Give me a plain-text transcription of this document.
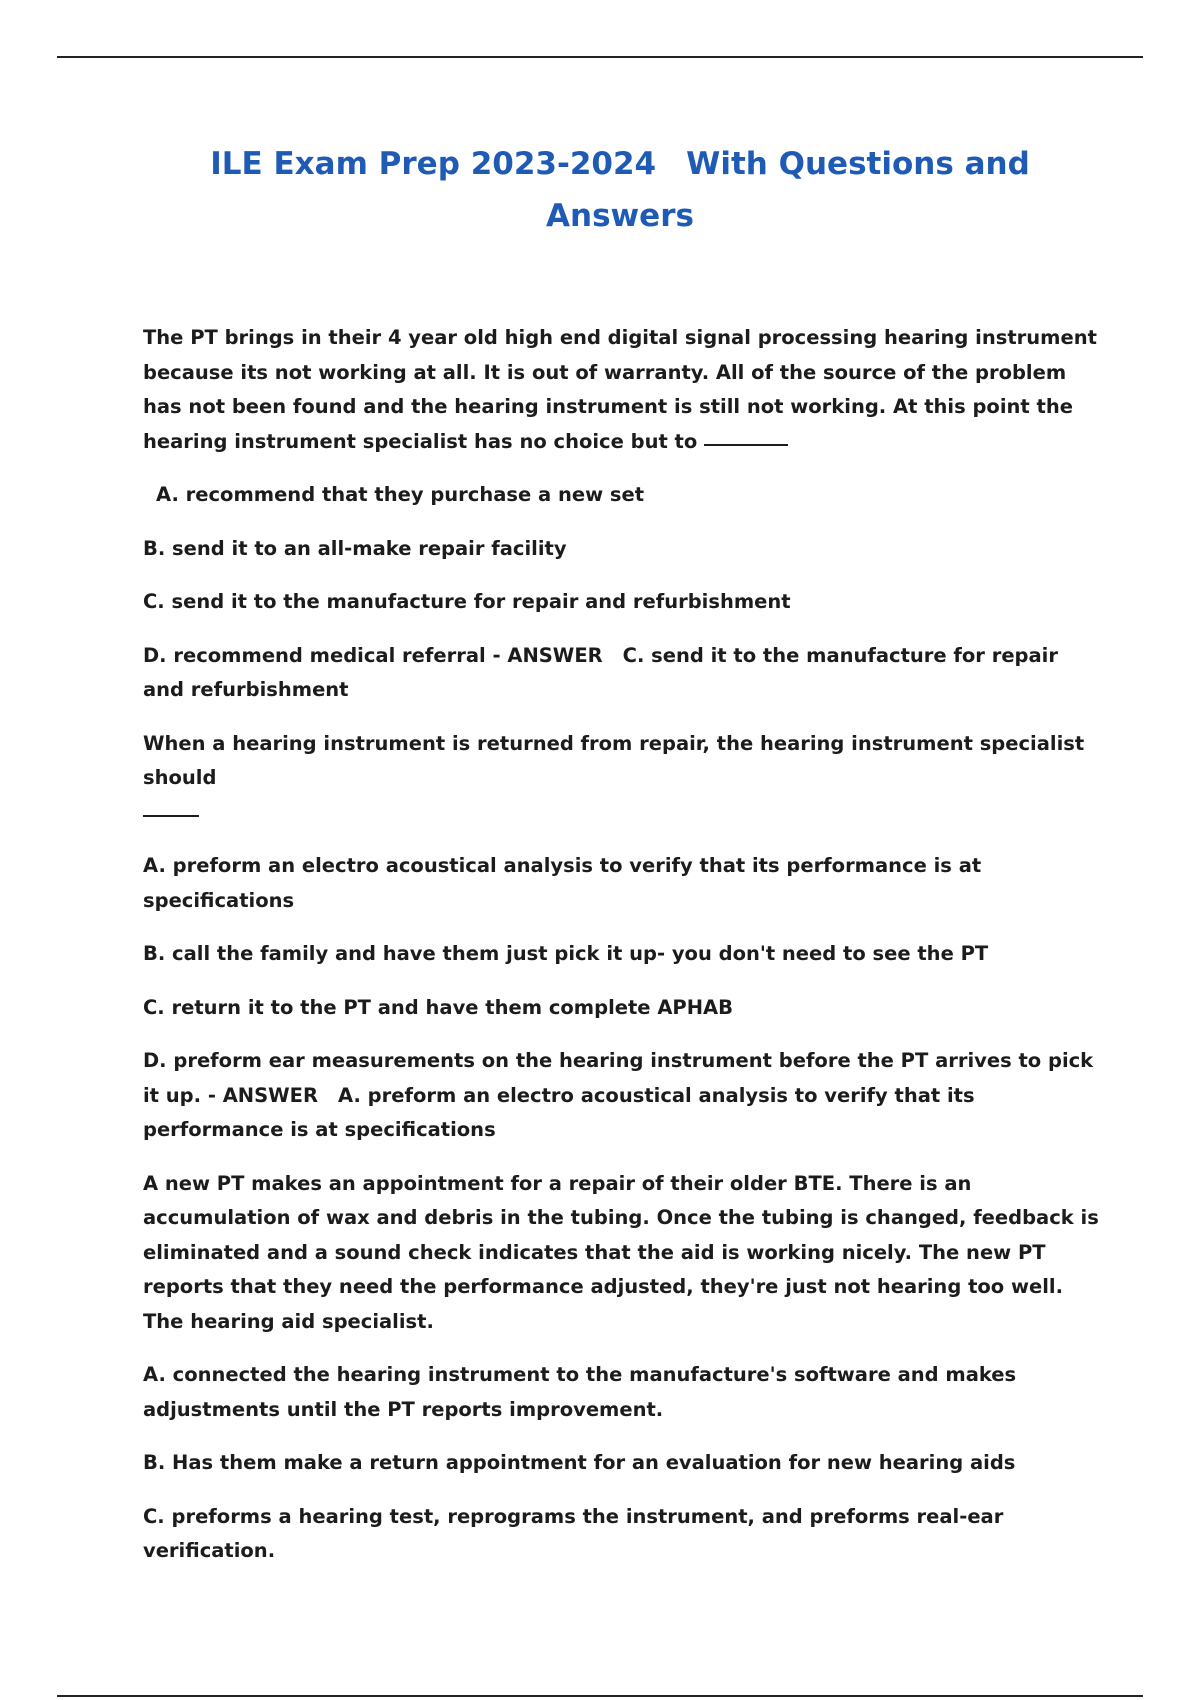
ILE Exam Prep 2023-2024 With Questions and
Answers

The PT brings in their 4 year old high end digital signal processing hearing instrument because its not working at all. It is out of warranty. All of the source of the problem has not been found and the hearing instrument is still not working. At this point the hearing instrument specialist has no choice but to

A. recommend that they purchase a new set

B. send it to an all-make repair facility

C. send it to the manufacture for repair and refurbishment

D. recommend medical referral - ANSWER C. send it to the manufacture for repair and refurbishment

When a hearing instrument is returned from repair, the hearing instrument specialist should

A. preform an electro acoustical analysis to verify that its performance is at specifications

B. call the family and have them just pick it up- you don't need to see the PT

C. return it to the PT and have them complete APHAB

D. preform ear measurements on the hearing instrument before the PT arrives to pick it up. - ANSWER A. preform an electro acoustical analysis to verify that its performance is at specifications

A new PT makes an appointment for a repair of their older BTE. There is an accumulation of wax and debris in the tubing. Once the tubing is changed, feedback is eliminated and a sound check indicates that the aid is working nicely. The new PT reports that they need the performance adjusted, they're just not hearing too well. The hearing aid specialist.

A. connected the hearing instrument to the manufacture's software and makes adjustments until the PT reports improvement.

B. Has them make a return appointment for an evaluation for new hearing aids

C. preforms a hearing test, reprograms the instrument, and preforms real-ear verification.
